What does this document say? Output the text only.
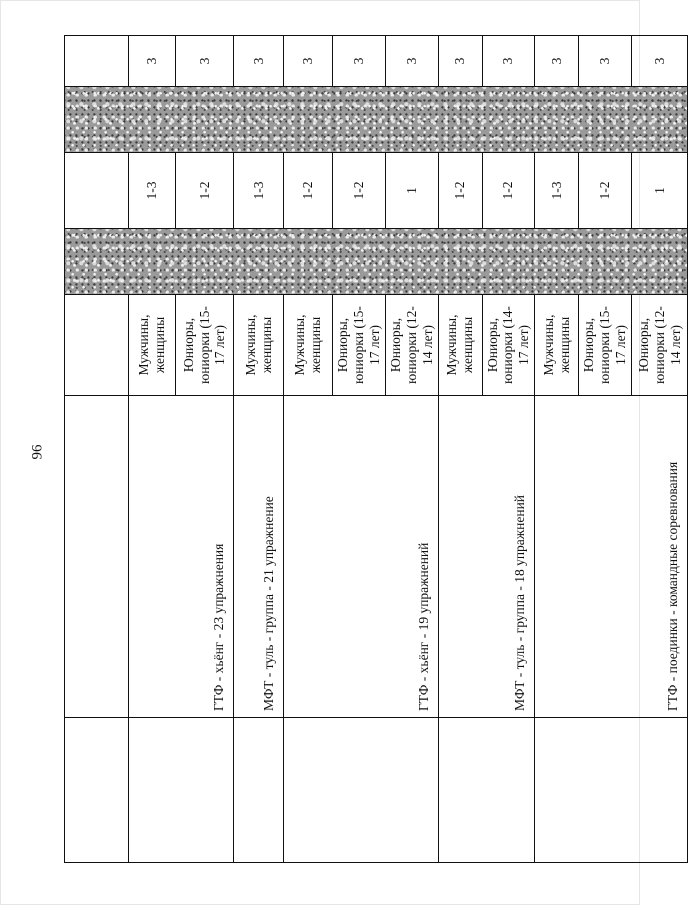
96

	ГТФ - хьёнг - 23 упражнения	Мужчины, женщины		1-3		3
		Юниоры, юниорки (15-17 лет)		1-2		3
	МФТ - туль - группа - 21 упражнение	Мужчины, женщины		1-3		3
	ГТФ - хьёнг - 19 упражнений	Мужчины, женщины		1-2		3
		Юниоры, юниорки (15-17 лет)		1-2		3
		Юниоры, юниорки (12-14 лет)		1		3
	МФТ - туль - группа - 18 упражнений	Мужчины, женщины		1-2		3
		Юниоры, юниорки (14-17 лет)		1-2		3
	ГТФ - поединки - командные соревнования	Мужчины, женщины		1-3		3
		Юниоры, юниорки (15-17 лет)		1-2		3
		Юниоры, юниорки (12-14 лет)		1		3
